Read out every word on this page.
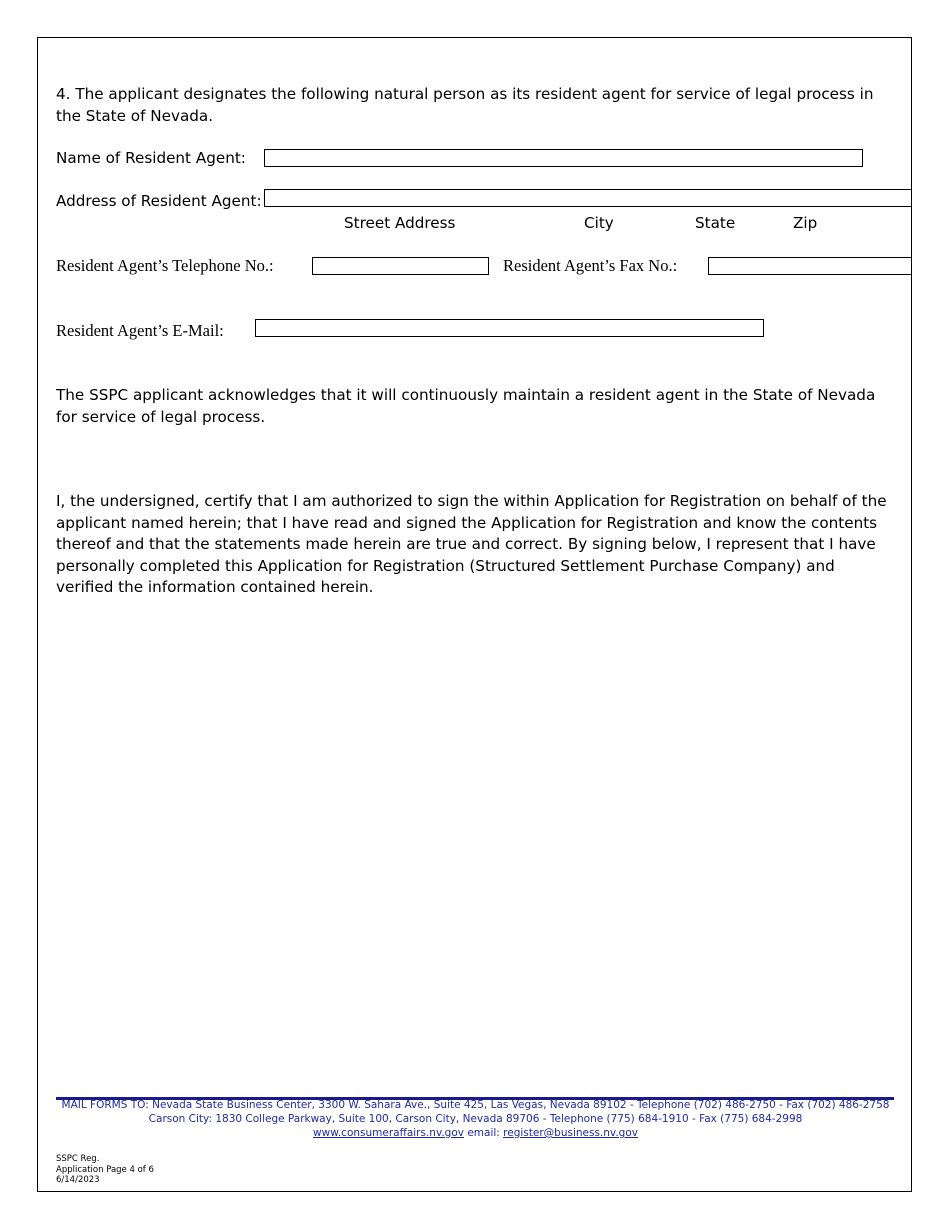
4. The applicant designates the following natural person as its resident agent for service of legal process in the State of Nevada.
Name of Resident Agent:
Address of Resident Agent:
Street Address	City	State	Zip
Resident Agent’s Telephone No.:	Resident Agent’s Fax No.:
Resident Agent’s E-Mail:
The SSPC applicant acknowledges that it will continuously maintain a resident agent in the State of Nevada for service of legal process.
I, the undersigned, certify that I am authorized to sign the within Application for Registration on behalf of the applicant named herein; that I have read and signed the Application for Registration and know the contents thereof and that the statements made herein are true and correct. By signing below, I represent that I have personally completed this Application for Registration (Structured Settlement Purchase Company) and verified the information contained herein.
MAIL FORMS TO: Nevada State Business Center, 3300 W. Sahara Ave., Suite 425, Las Vegas, Nevada 89102 - Telephone (702) 486-2750 - Fax (702) 486-2758
Carson City: 1830 College Parkway, Suite 100, Carson City, Nevada 89706 - Telephone (775) 684-1910 - Fax (775) 684-2998
www.consumeraffairs.nv.gov email: register@business.nv.gov
SSPC Reg.
Application Page 4 of 6
6/14/2023
